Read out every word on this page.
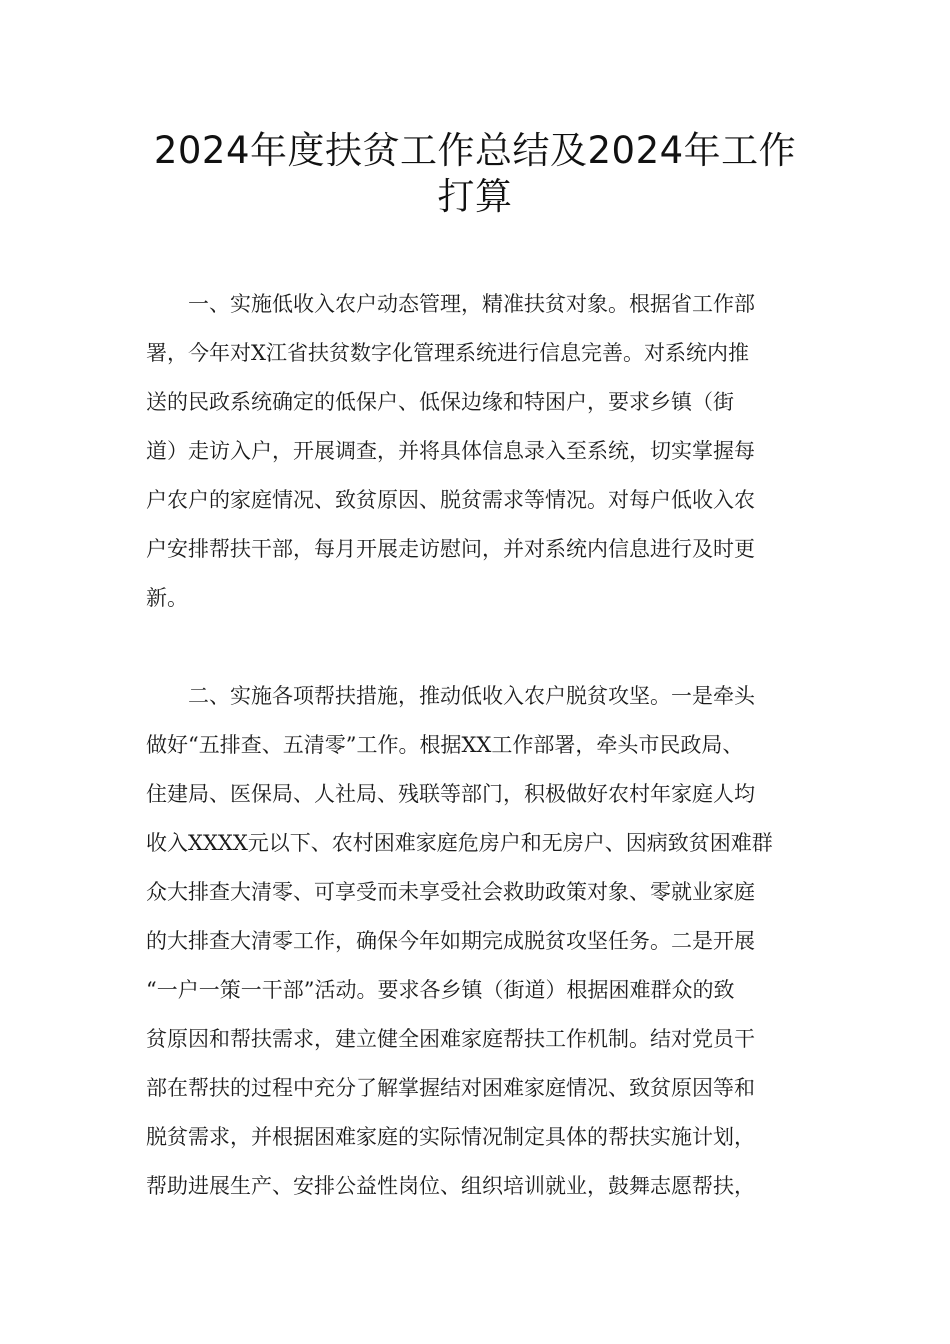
2024年度扶贫工作总结及2024年工作
打算

　　一、实施低收入农户动态管理，精准扶贫对象。根据省工作部
署，今年对X江省扶贫数字化管理系统进行信息完善。对系统内推
送的民政系统确定的低保户、低保边缘和特困户，要求乡镇（街
道）走访入户，开展调查，并将具体信息录入至系统，切实掌握每
户农户的家庭情况、致贫原因、脱贫需求等情况。对每户低收入农
户安排帮扶干部，每月开展走访慰问，并对系统内信息进行及时更
新。

　　二、实施各项帮扶措施，推动低收入农户脱贫攻坚。一是牵头
做好“五排查、五清零”工作。根据XX工作部署，牵头市民政局、
住建局、医保局、人社局、残联等部门，积极做好农村年家庭人均
收入XXXX元以下、农村困难家庭危房户和无房户、因病致贫困难群
众大排查大清零、可享受而未享受社会救助政策对象、零就业家庭
的大排查大清零工作，确保今年如期完成脱贫攻坚任务。二是开展
“一户一策一干部”活动。要求各乡镇（街道）根据困难群众的致
贫原因和帮扶需求，建立健全困难家庭帮扶工作机制。结对党员干
部在帮扶的过程中充分了解掌握结对困难家庭情况、致贫原因等和
脱贫需求，并根据困难家庭的实际情况制定具体的帮扶实施计划，
帮助进展生产、安排公益性岗位、组织培训就业，鼓舞志愿帮扶，
